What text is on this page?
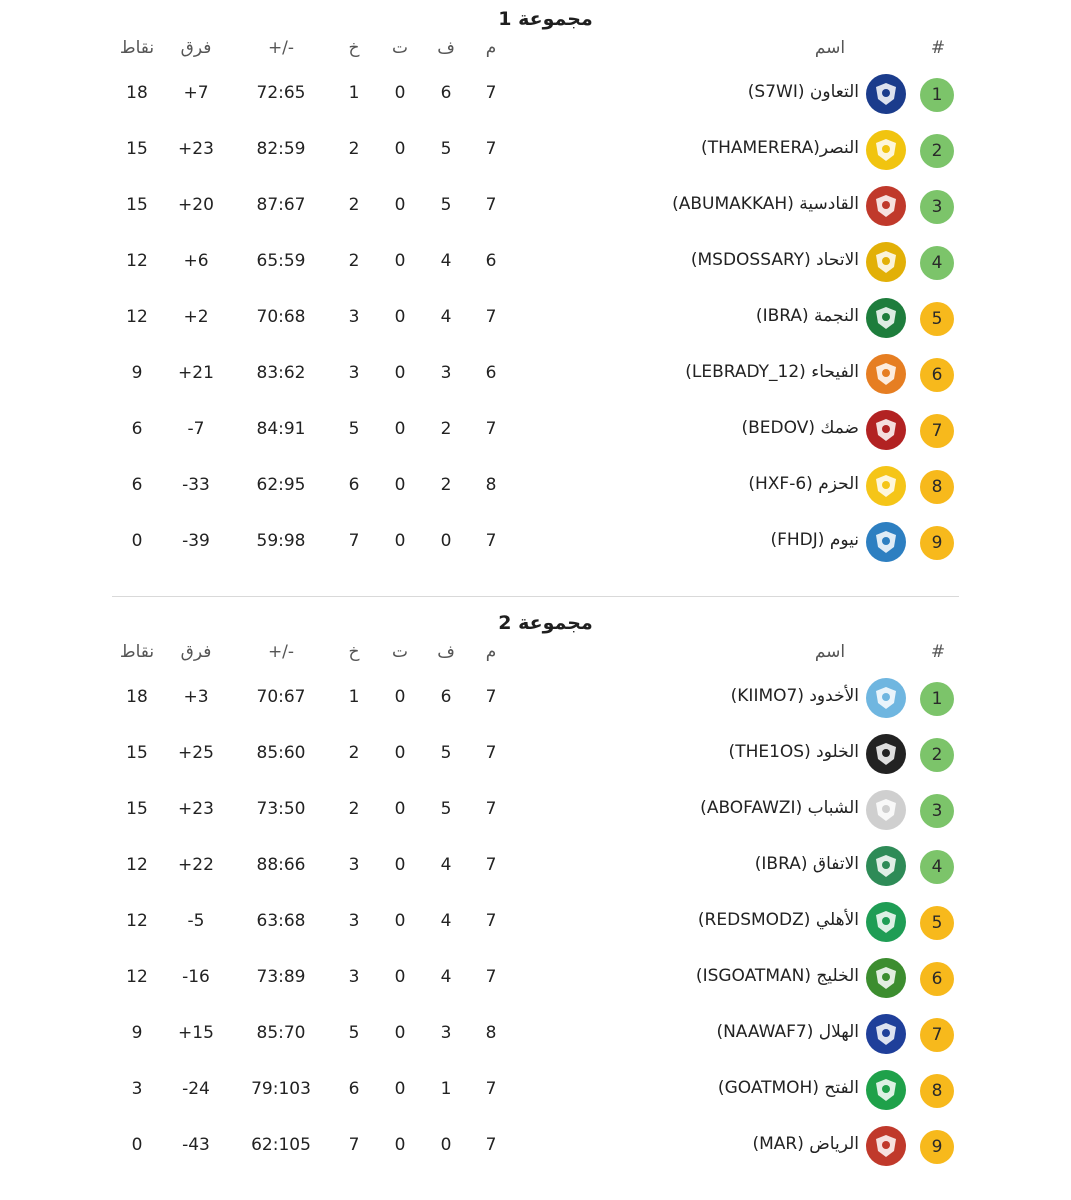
مجموعة 1
نقاط	فرق	+/-	خ	ت	ف	م	اسم	#
18	+7	72:65	1	0	6	7	التعاون (S7WI)	1
15	+23	82:59	2	0	5	7	النصر(THAMERERA)	2
15	+20	87:67	2	0	5	7	القادسية (ABUMAKKAH)	3
12	+6	65:59	2	0	4	6	الاتحاد (MSDOSSARY)	4
12	+2	70:68	3	0	4	7	النجمة (IBRA)	5
9	+21	83:62	3	0	3	6	الفيحاء (LEBRADY_12)	6
6	-7	84:91	5	0	2	7	ضمك (BEDOV)	7
6	-33	62:95	6	0	2	8	الحزم (HXF-6)	8
0	-39	59:98	7	0	0	7	نيوم (FHDJ)	9
مجموعة 2
نقاط	فرق	+/-	خ	ت	ف	م	اسم	#
18	+3	70:67	1	0	6	7	الأخدود (KIIMO7)	1
15	+25	85:60	2	0	5	7	الخلود (THE1OS)	2
15	+23	73:50	2	0	5	7	الشباب (ABOFAWZI)	3
12	+22	88:66	3	0	4	7	الاتفاق (IBRA)	4
12	-5	63:68	3	0	4	7	الأهلي (REDSMODZ)	5
12	-16	73:89	3	0	4	7	الخليج (ISGOATMAN)	6
9	+15	85:70	5	0	3	8	الهلال (NAAWAF7)	7
3	-24	79:103	6	0	1	7	الفتح (GOATMOH)	8
0	-43	62:105	7	0	0	7	الرياض (MAR)	9
